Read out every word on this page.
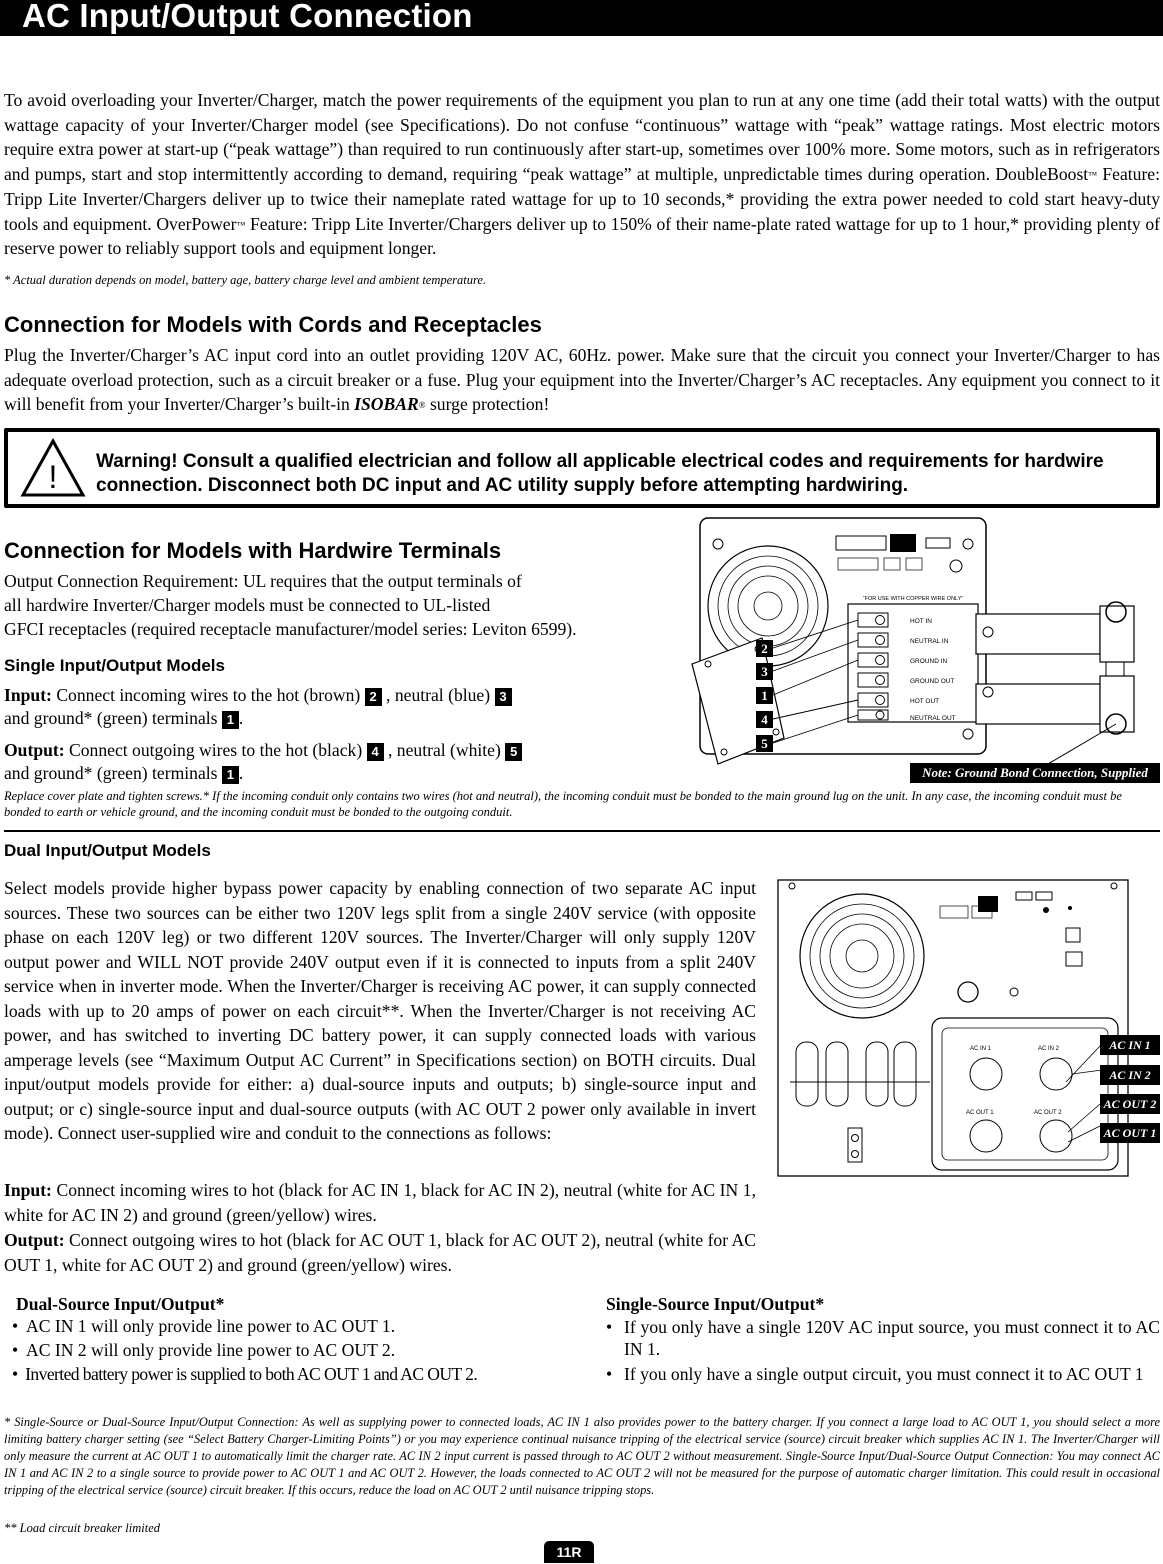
AC Input/Output Connection

To avoid overloading your Inverter/Charger, match the power requirements of the equipment you plan to run at any one time (add their total watts) with the output wattage capacity of your Inverter/Charger model (see Specifications). Do not confuse “continuous” wattage with “peak” wattage ratings. Most electric motors require extra power at start-up (“peak wattage”) than required to run continuously after start-up, sometimes over 100% more. Some motors, such as in refrigerators and pumps, start and stop intermittently according to demand, requiring “peak wattage” at multiple, unpredictable times during operation. DoubleBoost™ Feature: Tripp Lite Inverter/Chargers deliver up to twice their nameplate rated wattage for up to 10 seconds,* providing the extra power needed to cold start heavy-duty tools and equipment. OverPower™ Feature: Tripp Lite Inverter/Chargers deliver up to 150% of their name-plate rated wattage for up to 1 hour,* providing plenty of reserve power to reliably support tools and equipment longer.

* Actual duration depends on model, battery age, battery charge level and ambient temperature.
Connection for Models with Cords and Receptacles

Plug the Inverter/Charger’s AC input cord into an outlet providing 120V AC, 60Hz. power. Make sure that the circuit you connect your Inverter/Charger to has adequate overload protection, such as a circuit breaker or a fuse. Plug your equipment into the Inverter/Charger’s AC receptacles. Any equipment you connect to it will benefit from your Inverter/Charger’s built-in ISOBAR® surge protection!

! Warning! Consult a qualified electrician and follow all applicable electrical codes and requirements for hardwire connection. Disconnect both DC input and AC utility supply before attempting hardwiring.
Connection for Models with Hardwire Terminals
Output Connection Requirement: UL requires that the output terminals of
all hardwire Inverter/Charger models must be connected to UL-listed
GFCI receptacles (required receptacle manufacturer/model series: Leviton 6599).
Single Input/Output Models
Input: Connect incoming wires to the hot (brown) 2 , neutral (blue) 3
and ground* (green) terminals 1 .
Output: Connect outgoing wires to the hot (black) 4 , neutral (white) 5
and ground* (green) terminals 1 .
“FOR USE WITH COPPER WIRE ONLY”
HOT IN
NEUTRAL IN
GROUND IN
GROUND OUT
HOT OUT
NEUTRAL OUT
2
3
1
4
5
Note: Ground Bond Connection, Supplied
Replace cover plate and tighten screws.* If the incoming conduit only contains two wires (hot and neutral), the incoming conduit must be bonded to the main ground lug on the unit. In any case, the incoming conduit must be bonded to earth or vehicle ground, and the incoming conduit must be bonded to the outgoing conduit.
Dual Input/Output Models

Select models provide higher bypass power capacity by enabling connection of two separate AC input sources. These two sources can be either two 120V legs split from a single 240V service (with opposite phase on each 120V leg) or two different 120V sources. The Inverter/Charger will only supply 120V output power and WILL NOT provide 240V output even if it is connected to inputs from a split 240V service when in inverter mode. When the Inverter/Charger is receiving AC power, it can supply connected loads with up to 20 amps of power on each circuit**. When the Inverter/Charger is not receiving AC power, and has switched to inverting DC battery power, it can supply connected loads with various amperage levels (see “Maximum Output AC Current” in Specifications section) on BOTH circuits. Dual input/output models provide for either: a) dual-source inputs and outputs; b) single-source input and output; or c) single-source input and dual-source outputs (with AC OUT 2 power only available in invert mode). Connect user-supplied wire and conduit to the connections as follows:

Input: Connect incoming wires to hot (black for AC IN 1, black for AC IN 2), neutral (white for AC IN 1, white for AC IN 2) and ground (green/yellow) wires.

Output: Connect outgoing wires to hot (black for AC OUT 1, black for AC OUT 2), neutral (white for AC OUT 1, white for AC OUT 2) and ground (green/yellow) wires.

AC IN 1	AC IN 2
AC OUT 1	AC OUT 2
AC IN 1
AC IN 2
AC OUT 2
AC OUT 1
Dual-Source Input/Output*
•  AC IN 1 will only provide line power to AC OUT 1.
•  AC IN 2 will only provide line power to AC OUT 2.
•  Inverted battery power is supplied to both AC OUT 1 and AC OUT 2.
Single-Source Input/Output*
• If you only have a single 120V AC input source, you must connect it to AC IN 1.
• If you only have a single output circuit, you must connect it to AC OUT 1

* Single-Source or Dual-Source Input/Output Connection: As well as supplying power to connected loads, AC IN 1 also provides power to the battery charger. If you connect a large load to AC OUT 1, you should select a more limiting battery charger setting (see “Select Battery Charger-Limiting Points”) or you may experience continual nuisance tripping of the electrical service (source) circuit breaker which supplies AC IN 1. The Inverter/Charger will only measure the current at AC OUT 1 to automatically limit the charger rate. AC IN 2 input current is passed through to AC OUT 2 without measurement. Single-Source Input/Dual-Source Output Connection: You may connect AC IN 1 and AC IN 2 to a single source to provide power to AC OUT 1 and AC OUT 2. However, the loads connected to AC OUT 2 will not be measured for the purpose of automatic charger limitation. This could result in occasional tripping of the electrical service (source) circuit breaker. If this occurs, reduce the load on AC OUT 2 until nuisance tripping stops.

** Load circuit breaker limited
11R
